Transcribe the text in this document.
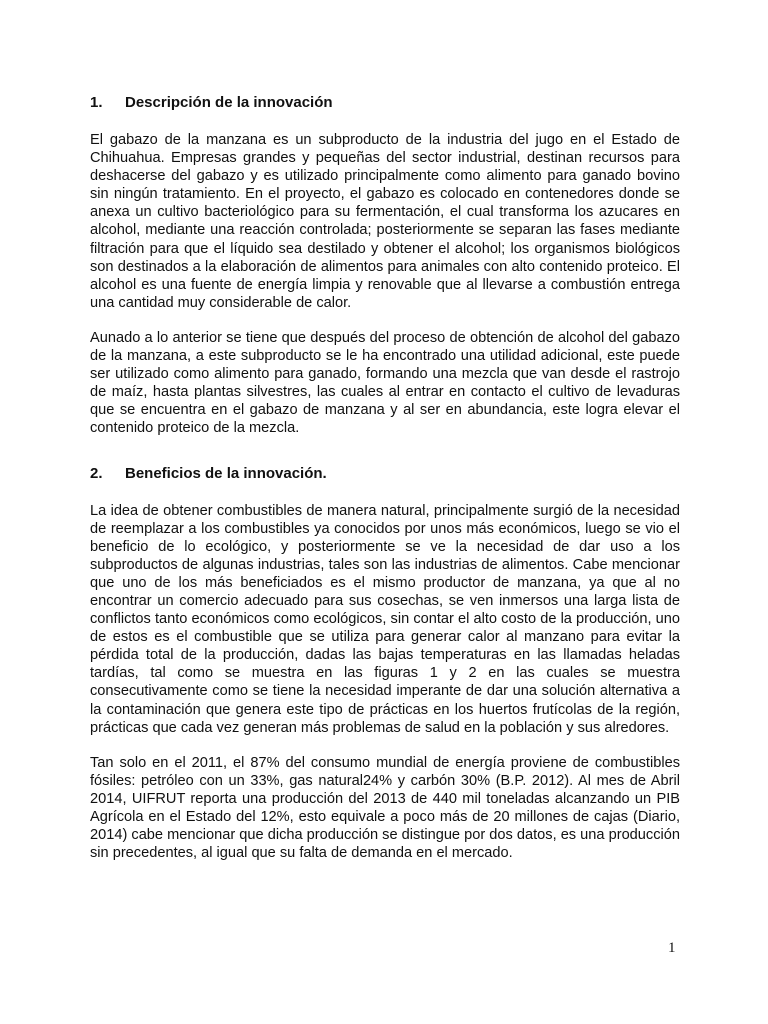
1.	Descripción de la innovación

El gabazo de la manzana es un subproducto de la industria del jugo en el Estado de Chihuahua. Empresas grandes y pequeñas del sector industrial, destinan recursos para deshacerse del gabazo y es utilizado principalmente como alimento para ganado bovino sin ningún tratamiento. En el proyecto, el gabazo es colocado en contenedores donde se anexa un cultivo bacteriológico para su fermentación, el cual transforma los azucares en alcohol, mediante una reacción controlada; posteriormente se separan las fases mediante filtración para que el líquido sea destilado y obtener el alcohol; los organismos biológicos son destinados a la elaboración de alimentos para animales con alto contenido proteico. El alcohol es una fuente de energía limpia y renovable que al llevarse a combustión entrega una cantidad muy considerable de calor.

Aunado a lo anterior se tiene que después del proceso de obtención de alcohol del gabazo de la manzana, a este subproducto se le ha encontrado una utilidad adicional, este puede ser utilizado como alimento para ganado, formando una mezcla que van desde el rastrojo de maíz, hasta plantas silvestres, las cuales al entrar en contacto el cultivo de levaduras que se encuentra en el gabazo de manzana y al ser en abundancia, este logra elevar el contenido proteico de la mezcla.

2.	Beneficios de la innovación.

La idea de obtener combustibles de manera natural, principalmente surgió de la necesidad de reemplazar a los combustibles ya conocidos por unos más económicos, luego se vio el beneficio de lo ecológico, y posteriormente se ve la necesidad de dar uso a los subproductos de algunas industrias, tales son las industrias de alimentos. Cabe mencionar que uno de los más beneficiados es el mismo productor de manzana, ya que al no encontrar un comercio adecuado para sus cosechas, se ven inmersos una larga lista de conflictos tanto económicos como ecológicos, sin contar el alto costo de la producción, uno de estos es el combustible que se utiliza para generar calor al manzano para evitar la pérdida total de la producción, dadas las bajas temperaturas en las llamadas heladas tardías, tal como se muestra en las figuras 1 y 2 en las cuales se muestra consecutivamente como se tiene la necesidad imperante de dar una solución alternativa a la contaminación que genera este tipo de prácticas en los huertos frutícolas de la región, prácticas que cada vez generan más problemas de salud en la población y sus alredores.

Tan solo en el 2011, el 87% del consumo mundial de energía proviene de combustibles fósiles: petróleo con un 33%, gas natural24% y carbón 30% (B.P. 2012). Al mes de Abril 2014, UIFRUT reporta una producción del 2013 de 440 mil toneladas alcanzando un PIB Agrícola en el Estado del 12%, esto equivale a poco más de 20 millones de cajas (Diario, 2014) cabe mencionar que dicha producción se distingue por dos datos, es una producción sin precedentes, al igual que su falta de demanda en el mercado.

1
